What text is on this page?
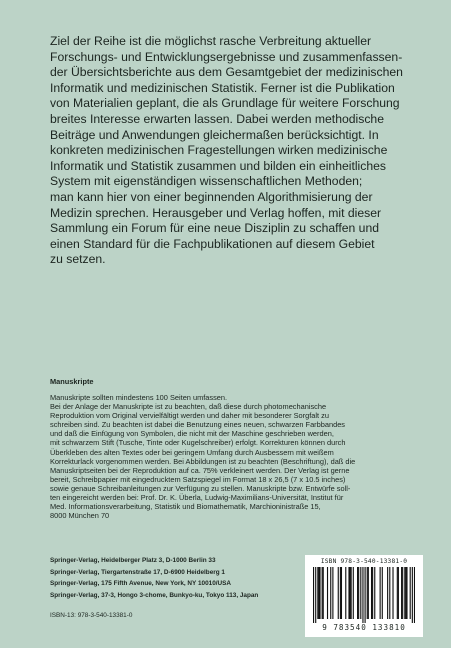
Ziel der Reihe ist die möglichst rasche Verbreitung aktueller
Forschungs- und Entwicklungsergebnisse und zusammenfassen-
der Übersichtsberichte aus dem Gesamtgebiet der medizinischen
Informatik und medizinischen Statistik. Ferner ist die Publikation
von Materialien geplant, die als Grundlage für weitere Forschung
breites Interesse erwarten lassen. Dabei werden methodische
Beiträge und Anwendungen gleichermaßen berücksichtigt. In
konkreten medizinischen Fragestellungen wirken medizinische
Informatik und Statistik zusammen und bilden ein einheitliches
System mit eigenständigen wissenschaftlichen Methoden;
man kann hier von einer beginnenden Algorithmisierung der
Medizin sprechen. Herausgeber und Verlag hoffen, mit dieser
Sammlung ein Forum für eine neue Disziplin zu schaffen und
einen Standard für die Fachpublikationen auf diesem Gebiet
zu setzen.
Manuskripte
Manuskripte sollten mindestens 100 Seiten umfassen.
Bei der Anlage der Manuskripte ist zu beachten, daß diese durch photomechanische
Reproduktion vom Original vervielfältigt werden und daher mit besonderer Sorgfalt zu
schreiben sind. Zu beachten ist dabei die Benutzung eines neuen, schwarzen Farbbandes
und daß die Einfügung von Symbolen, die nicht mit der Maschine geschrieben werden,
mit schwarzem Stift (Tusche, Tinte oder Kugelschreiber) erfolgt. Korrekturen können durch
Überkleben des alten Textes oder bei geringem Umfang durch Ausbessern mit weißem
Korrekturlack vorgenommen werden. Bei Abbildungen ist zu beachten (Beschriftung), daß die
Manuskriptseiten bei der Reproduktion auf ca. 75% verkleinert werden. Der Verlag ist gerne
bereit, Schreibpapier mit eingedrucktem Satzspiegel im Format 18 x 26,5 (7 x 10.5 inches)
sowie genaue Schreibanleitungen zur Verfügung zu stellen. Manuskripte bzw. Entwürfe soll-
ten eingereicht werden bei: Prof. Dr. K. Überla, Ludwig-Maximilians-Universität, Institut für
Med. Informationsverarbeitung, Statistik und Biomathematik, Marchioninistraße 15,
8000 München 70
Springer-Verlag, Heidelberger Platz 3, D-1000 Berlin 33
Springer-Verlag, Tiergartenstraße 17, D-6900 Heidelberg 1
Springer-Verlag, 175 Fifth Avenue, New York, NY 10010/USA
Springer-Verlag, 37-3, Hongo 3-chome, Bunkyo-ku, Tokyo 113, Japan
ISBN-13: 978-3-540-13381-0
ISBN 978-3-540-13381-0
9 783540 133810
